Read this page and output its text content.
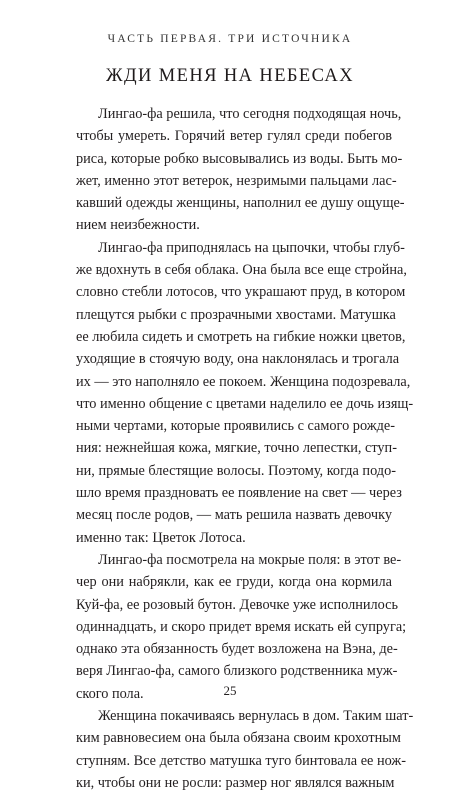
ЧАСТЬ ПЕРВАЯ. ТРИ ИСТОЧНИКА
ЖДИ МЕНЯ НА НЕБЕСАХ
Лингао-фа решила, что сегодня подходящая ночь,
чтобы умереть. Горячий ветер гулял среди побегов
риса, которые робко высовывались из воды. Быть мо-
жет, именно этот ветерок, незримыми пальцами лас-
кавший одежды женщины, наполнил ее душу ощуще-
нием неизбежности.
Лингао-фа приподнялась на цыпочки, чтобы глуб-
же вдохнуть в себя облака. Она была все еще стройна,
словно стебли лотосов, что украшают пруд, в котором
плещутся рыбки с прозрачными хвостами. Матушка
ее любила сидеть и смотреть на гибкие ножки цветов,
уходящие в стоячую воду, она наклонялась и трогала
их — это наполняло ее покоем. Женщина подозревала,
что именно общение с цветами наделило ее дочь изящ-
ными чертами, которые проявились с самого рожде-
ния: нежнейшая кожа, мягкие, точно лепестки, ступ-
ни, прямые блестящие волосы. Поэтому, когда подо-
шло время праздновать ее появление на свет — через
месяц после родов, — мать решила назвать девочку
именно так: Цветок Лотоса.
Лингао-фа посмотрела на мокрые поля: в этот ве-
чер они набрякли, как ее груди, когда она кормила
Куй-фа, ее розовый бутон. Девочке уже исполнилось
одиннадцать, и скоро придет время искать ей супруга;
однако эта обязанность будет возложена на Вэна, де-
веря Лингао-фа, самого близкого родственника муж-
ского пола.
Женщина покачиваясь вернулась в дом. Таким шат-
ким равновесием она была обязана своим крохотным
ступням. Все детство матушка туго бинтовала ее нож-
ки, чтобы они не росли: размер ног являлся важным
25
